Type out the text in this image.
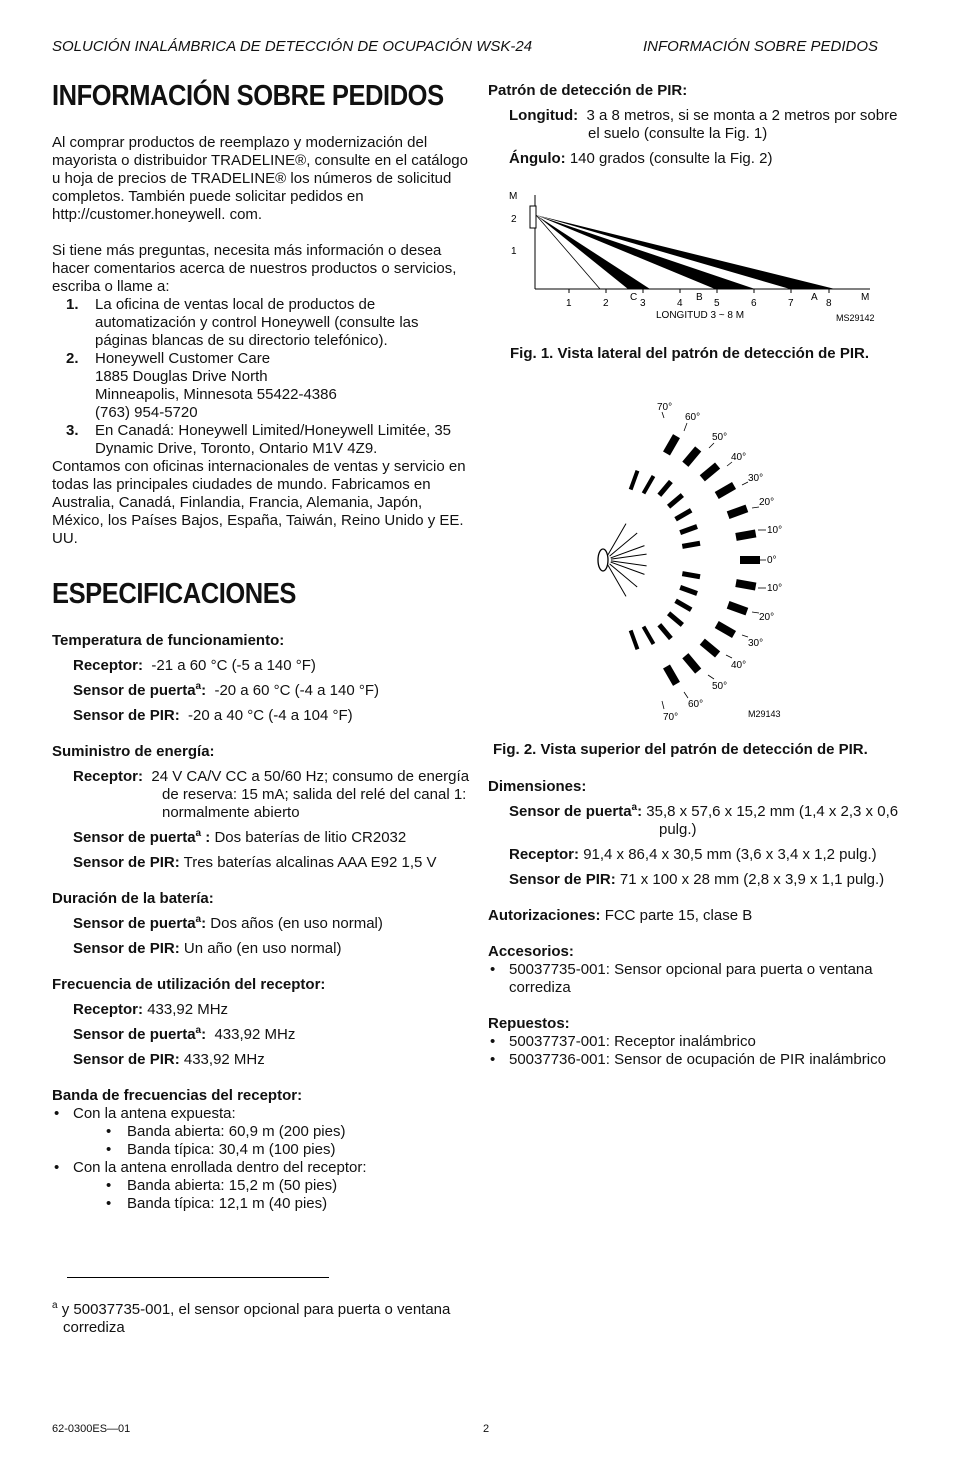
SOLUCIÓN INALÁMBRICA DE DETECCIÓN DE OCUPACIÓN WSK-24	INFORMACIÓN SOBRE PEDIDOS
INFORMACIÓN SOBRE PEDIDOS

Al comprar productos de reemplazo y modernización del mayorista o distribuidor TRADELINE®, consulte en el catálogo u hoja de precios de TRADELINE® los números de solicitud completos. También puede solicitar pedidos en http://customer.honeywell. com.

Si tiene más preguntas, necesita más información o desea hacer comentarios acerca de nuestros productos o servicios, escriba o llame a:

1. La oficina de ventas local de productos de automatización y control Honeywell (consulte las páginas blancas de su directorio telefónico).
2. Honeywell Customer Care
1885 Douglas Drive North
Minneapolis, Minnesota 55422-4386
(763) 954-5720
3. En Canadá: Honeywell Limited/Honeywell Limitée, 35 Dynamic Drive, Toronto, Ontario M1V 4Z9.

Contamos con oficinas internacionales de ventas y servicio en todas las principales ciudades de mundo. Fabricamos en Australia, Canadá, Finlandia, Francia, Alemania, Japón, México, los Países Bajos, España, Taiwán, Reino Unido y EE. UU.

ESPECIFICACIONES

Temperatura de funcionamiento:

Receptor: -21 a 60 °C (-5 a 140 °F)

Sensor de puerta$^a$: -20 a 60 °C (-4 a 140 °F)

Sensor de PIR: -20 a 40 °C (-4 a 104 °F)

Suministro de energía:

Receptor: 24 V CA/V CC a 50/60 Hz; consumo de energía de reserva: 15 mA; salida del relé del canal 1: normalmente abierto

Sensor de puerta$^a$ : Dos baterías de litio CR2032

Sensor de PIR: Tres baterías alcalinas AAA E92 1,5 V

Duración de la batería:

Sensor de puerta$^a$: Dos años (en uso normal)

Sensor de PIR: Un año (en uso normal)

Frecuencia de utilización del receptor:

Receptor: 433,92 MHz

Sensor de puerta$^a$: 433,92 MHz

Sensor de PIR: 433,92 MHz

Banda de frecuencias del receptor:

• Con la antena expuesta:
• Banda abierta: 60,9 m (200 pies)
• Banda típica: 30,4 m (100 pies)
• Con la antena enrollada dentro del receptor:
• Banda abierta: 15,2 m (50 pies)
• Banda típica: 12,1 m (40 pies)
$^a$ y 50037735-001, el sensor opcional para puerta o ventana corrediza

Patrón de detección de PIR:

Longitud: 3 a 8 metros, si se monta a 2 metros por sobre el suelo (consulte la Fig. 1)

Ángulo: 140 grados (consulte la Fig. 2)

M
2
1
1	2	3	4	5	6	7	8
M
C	B	A
LONGITUD 3 ~ 8 M	MS29142
Fig. 1. Vista lateral del patrón de detección de PIR.
70°
60°
50°
40°
30°
20°
10°
0°
10°
20°
30°
40°
50°
60°
70°	M29143
Fig. 2. Vista superior del patrón de detección de PIR.

Dimensiones:

Sensor de puerta$^a$: 35,8 x 57,6 x 15,2 mm (1,4 x 2,3 x 0,6 pulg.)

Receptor: 91,4 x 86,4 x 30,5 mm (3,6 x 3,4 x 1,2 pulg.)

Sensor de PIR: 71 x 100 x 28 mm (2,8 x 3,9 x 1,1 pulg.)

Autorizaciones: FCC parte 15, clase B

Accesorios:

• 50037735-001: Sensor opcional para puerta o ventana corrediza

Repuestos:

• 50037737-001: Receptor inalámbrico
• 50037736-001: Sensor de ocupación de PIR inalámbrico
62-0300ES—01	2
